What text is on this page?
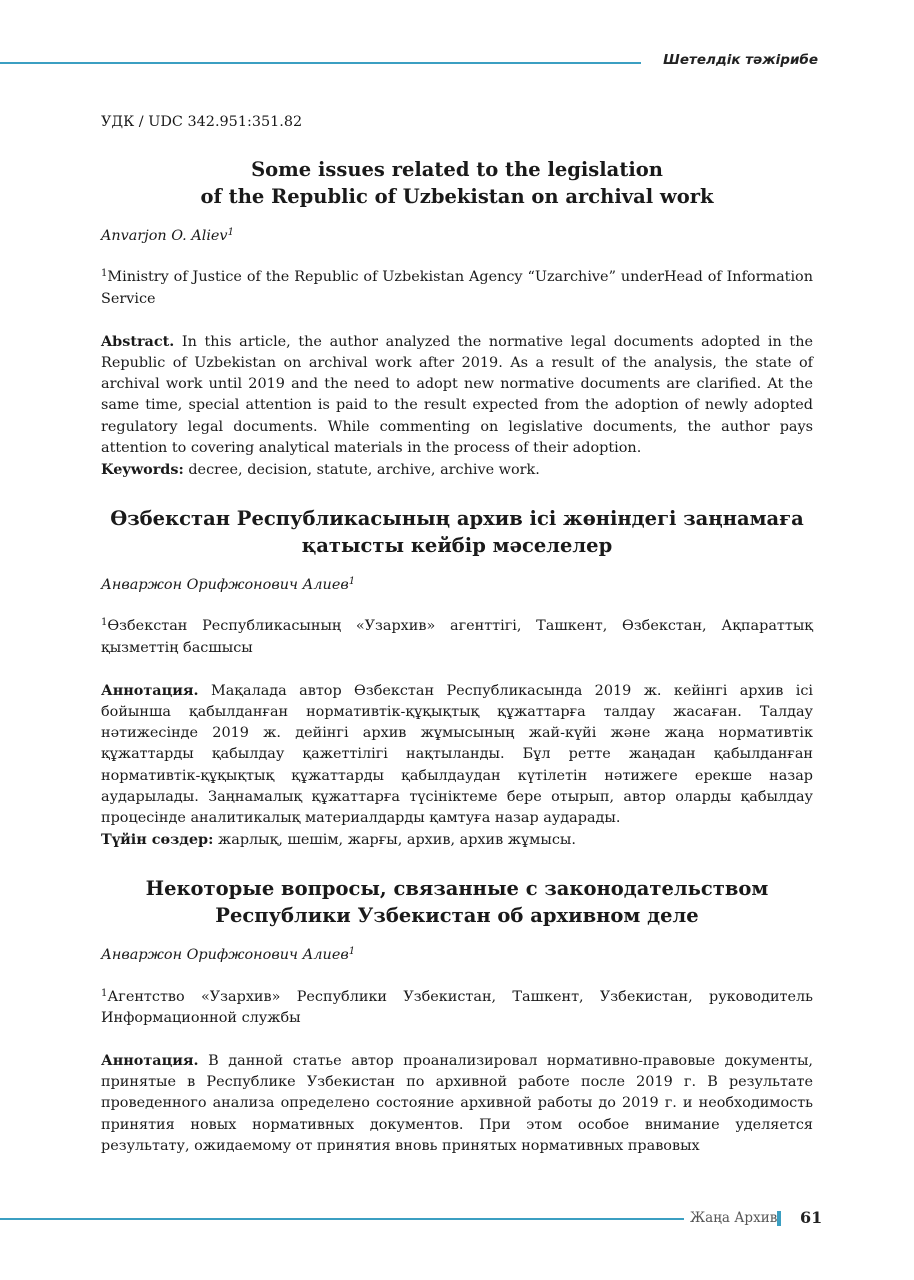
Шетелдік тәжірибе

УДК / UDC 342.951:351.82

Some issues related to the legislation
of the Republic of Uzbekistan on archival work

Anvarjon O. Aliev$^1$

$^1$Ministry of Justice of the Republic of Uzbekistan Agency “Uzarchive” underHead of Information Service

Abstract. In this article, the author analyzed the normative legal documents adopted in the Republic of Uzbekistan on archival work after 2019. As a result of the analysis, the state of archival work until 2019 and the need to adopt new normative documents are clarified. At the same time, special attention is paid to the result expected from the adoption of newly adopted regulatory legal documents. While commenting on legislative documents, the author pays attention to covering analytical materials in the process of their adoption.

Keywords: decree, decision, statute, archive, archive work.

Өзбекстан Республикасының архив ісі жөніндегі заңнамаға
қатысты кейбір мәселелер

Анваржон Орифжонович Алиев$^1$

$^1$Өзбекстан Республикасының «Узархив» агенттігі, Ташкент, Өзбекстан, Ақпараттық қызметтің басшысы

Аннотация. Мақалада автор Өзбекстан Республикасында 2019 ж. кейінгі архив ісі бойынша қабылданған нормативтік-құқықтық құжаттарға талдау жасаған. Талдау нәтижесінде 2019 ж. дейінгі архив жұмысының жай-күйі және жаңа нормативтік құжаттарды қабылдау қажеттілігі нақтыланды. Бұл ретте жаңадан қабылданған нормативтік-құқықтық құжаттарды қабылдаудан күтілетін нәтижеге ерекше назар аударылады. Заңнамалық құжаттарға түсініктеме бере отырып, автор оларды қабылдау процесінде аналитикалық материалдарды қамтуға назар аударады.

Түйін сөздер: жарлық, шешім, жарғы, архив, архив жұмысы.

Некоторые вопросы, связанные с законодательством
Республики Узбекистан об архивном деле

Анваржон Орифжонович Алиев$^1$

$^1$Агентство «Узархив» Республики Узбекистан, Ташкент, Узбекистан, руководитель Информационной службы

Аннотация. В данной статье автор проанализировал нормативно-правовые документы, принятые в Республике Узбекистан по архивной работе после 2019 г. В результате проведенного анализа определено состояние архивной работы до 2019 г. и необходимость принятия новых нормативных документов. При этом особое внимание уделяется результату, ожидаемому от принятия вновь принятых нормативных правовых

Жаңа Архив 61
